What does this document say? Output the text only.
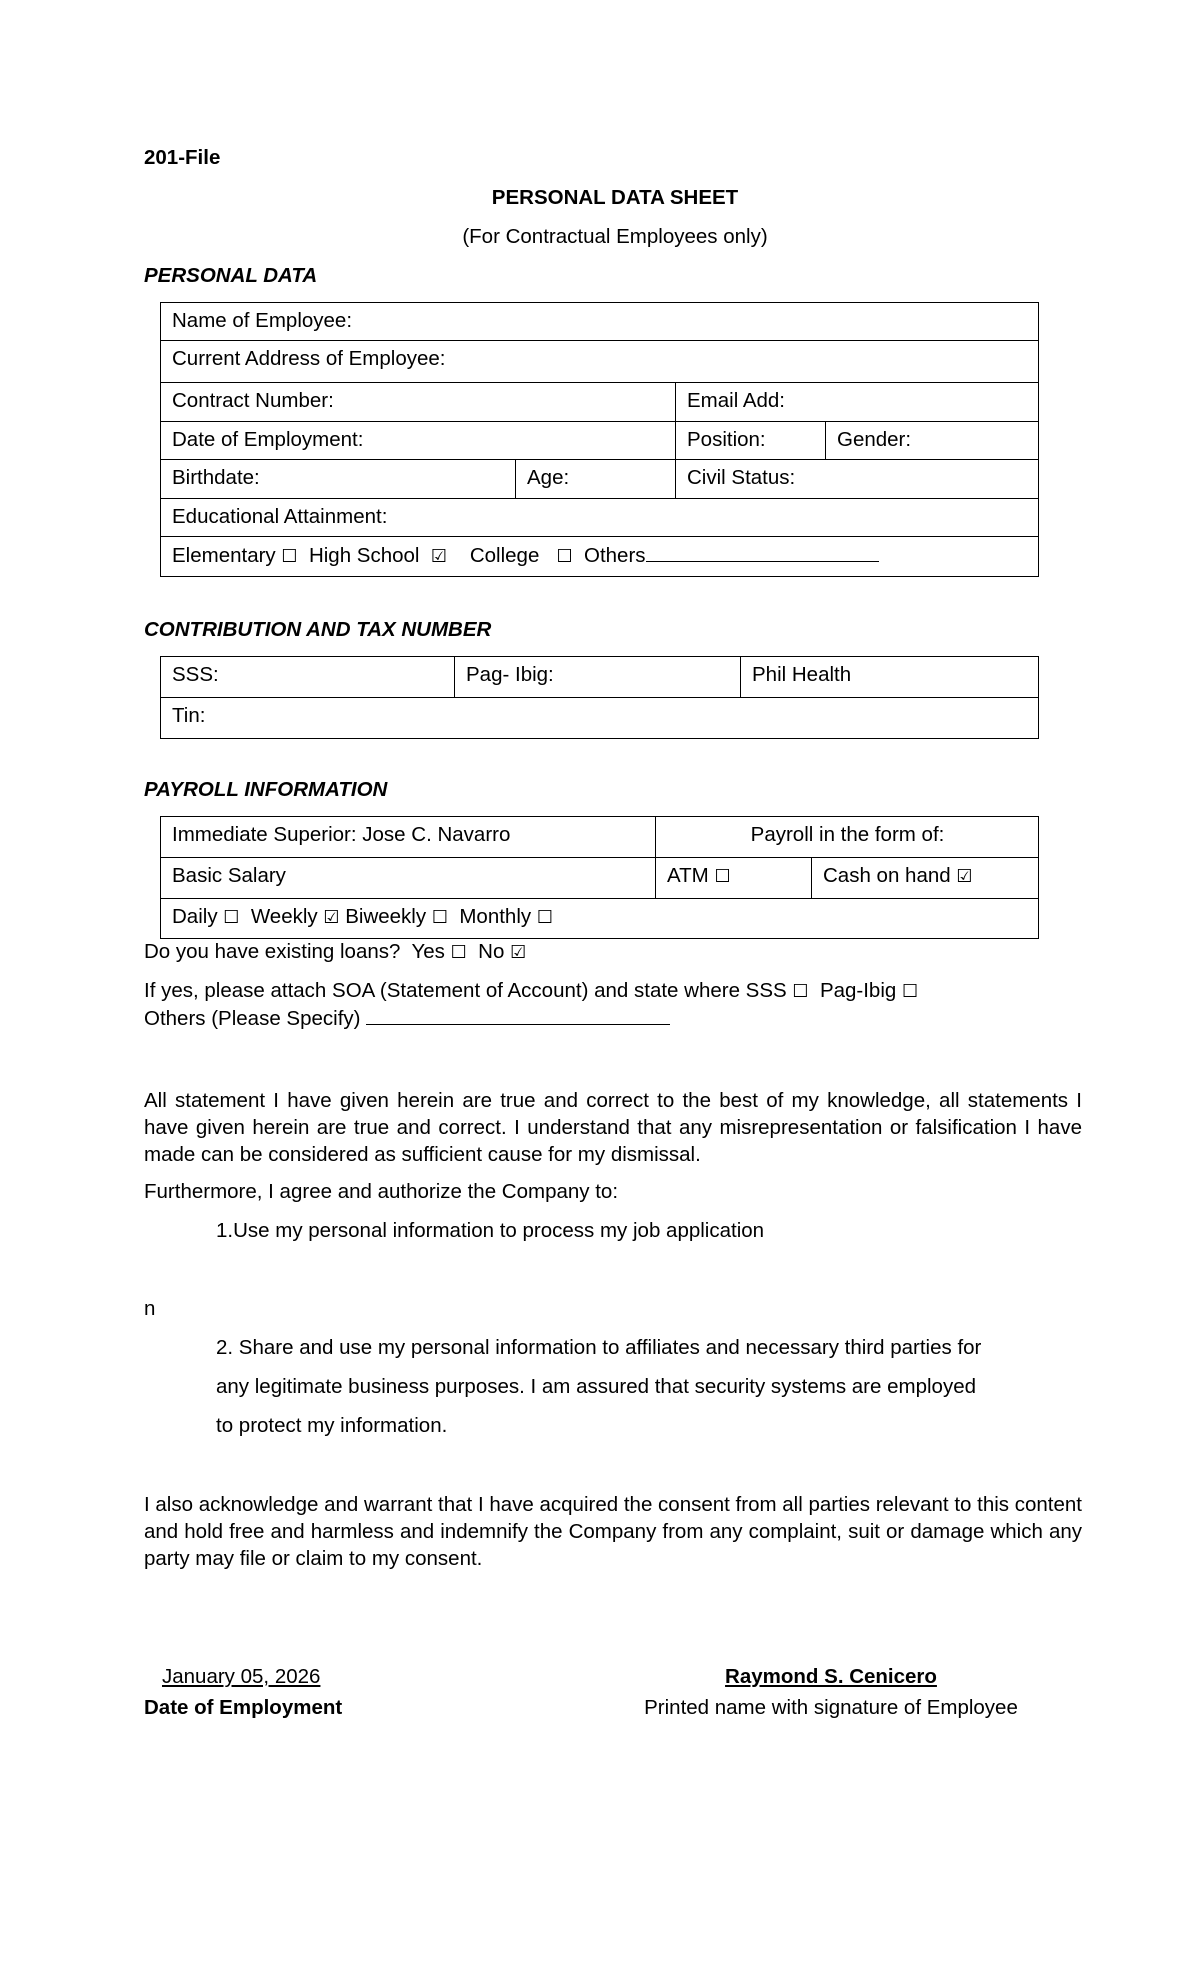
201-File
PERSONAL DATA SHEET
(For Contractual Employees only)
PERSONAL DATA
Name of Employee:			
Current Address of Employee:			
Contract Number:		Email Add:	
Date of Employment:		Position:	Gender:
Birthdate:	Age:	Civil Status:	
Educational Attainment:			
Elementary ☐ High School ☑ College ☐ Others			
CONTRIBUTION AND TAX NUMBER
SSS:	Pag- Ibig:	Phil Health
Tin:
PAYROLL INFORMATION
Immediate Superior: Jose C. Navarro	Payroll in the form of:	
Basic Salary	ATM ☐	Cash on hand ☑
Daily ☐ Weekly ☑ Biweekly ☐ Monthly ☐		
Do you have existing loans? Yes ☐ No ☑
If yes, please attach SOA (Statement of Account) and state where SSS ☐ Pag-Ibig ☐
Others (Please Specify)
All statement I have given herein are true and correct to the best of my knowledge, all statements I have given herein are true and correct. I understand that any misrepresentation or falsification I have made can be considered as sufficient cause for my dismissal.
Furthermore, I agree and authorize the Company to:
1.Use my personal information to process my job application
n
2. Share and use my personal information to affiliates and necessary third parties for
any legitimate business purposes. I am assured that security systems are employed
to protect my information.
I also acknowledge and warrant that I have acquired the consent from all parties relevant to this content and hold free and harmless and indemnify the Company from any complaint, suit or damage which any party may file or claim to my consent.
January 05, 2026
Date of Employment
Raymond S. Cenicero
Printed name with signature of Employee
